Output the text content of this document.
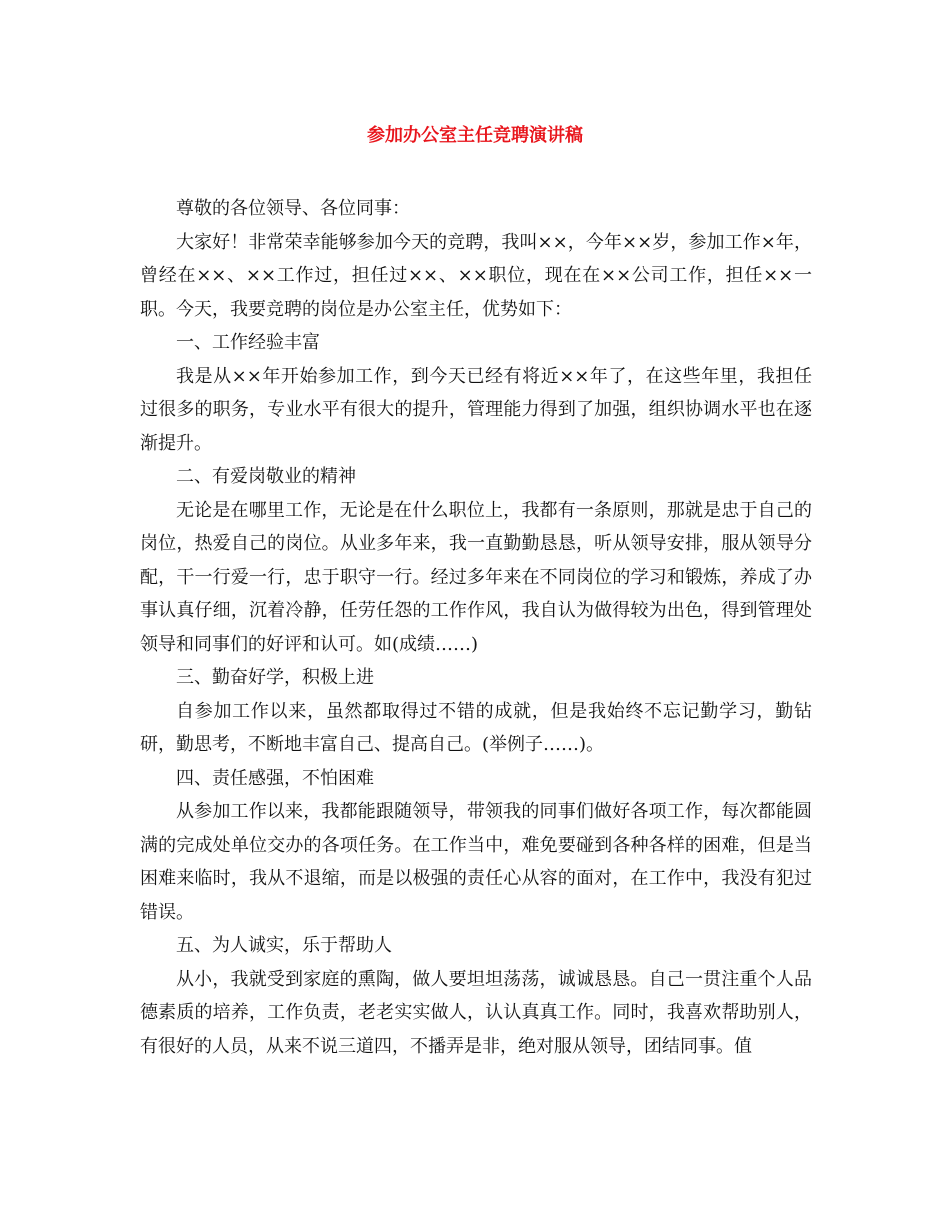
参加办公室主任竞聘演讲稿

尊敬的各位领导、各位同事：

大家好！非常荣幸能够参加今天的竞聘，我叫××，今年××岁，参加工作×年，曾经在××、××工作过，担任过××、××职位，现在在××公司工作，担任××一职。今天，我要竞聘的岗位是办公室主任，优势如下：

一、工作经验丰富

我是从××年开始参加工作，到今天已经有将近××年了，在这些年里，我担任过很多的职务，专业水平有很大的提升，管理能力得到了加强，组织协调水平也在逐渐提升。

二、有爱岗敬业的精神

无论是在哪里工作，无论是在什么职位上，我都有一条原则，那就是忠于自己的岗位，热爱自己的岗位。从业多年来，我一直勤勤恳恳，听从领导安排，服从领导分配，干一行爱一行，忠于职守一行。经过多年来在不同岗位的学习和锻炼，养成了办事认真仔细，沉着冷静，任劳任怨的工作作风，我自认为做得较为出色，得到管理处领导和同事们的好评和认可。如(成绩……)

三、勤奋好学，积极上进

自参加工作以来，虽然都取得过不错的成就，但是我始终不忘记勤学习，勤钻研，勤思考，不断地丰富自己、提高自己。(举例子……)。

四、责任感强，不怕困难

从参加工作以来，我都能跟随领导，带领我的同事们做好各项工作，每次都能圆满的完成处单位交办的各项任务。在工作当中，难免要碰到各种各样的困难，但是当困难来临时，我从不退缩，而是以极强的责任心从容的面对，在工作中，我没有犯过错误。

五、为人诚实，乐于帮助人

从小，我就受到家庭的熏陶，做人要坦坦荡荡，诚诚恳恳。自己一贯注重个人品德素质的培养，工作负责，老老实实做人，认认真真工作。同时，我喜欢帮助别人，有很好的人员，从来不说三道四，不播弄是非，绝对服从领导，团结同事。值
